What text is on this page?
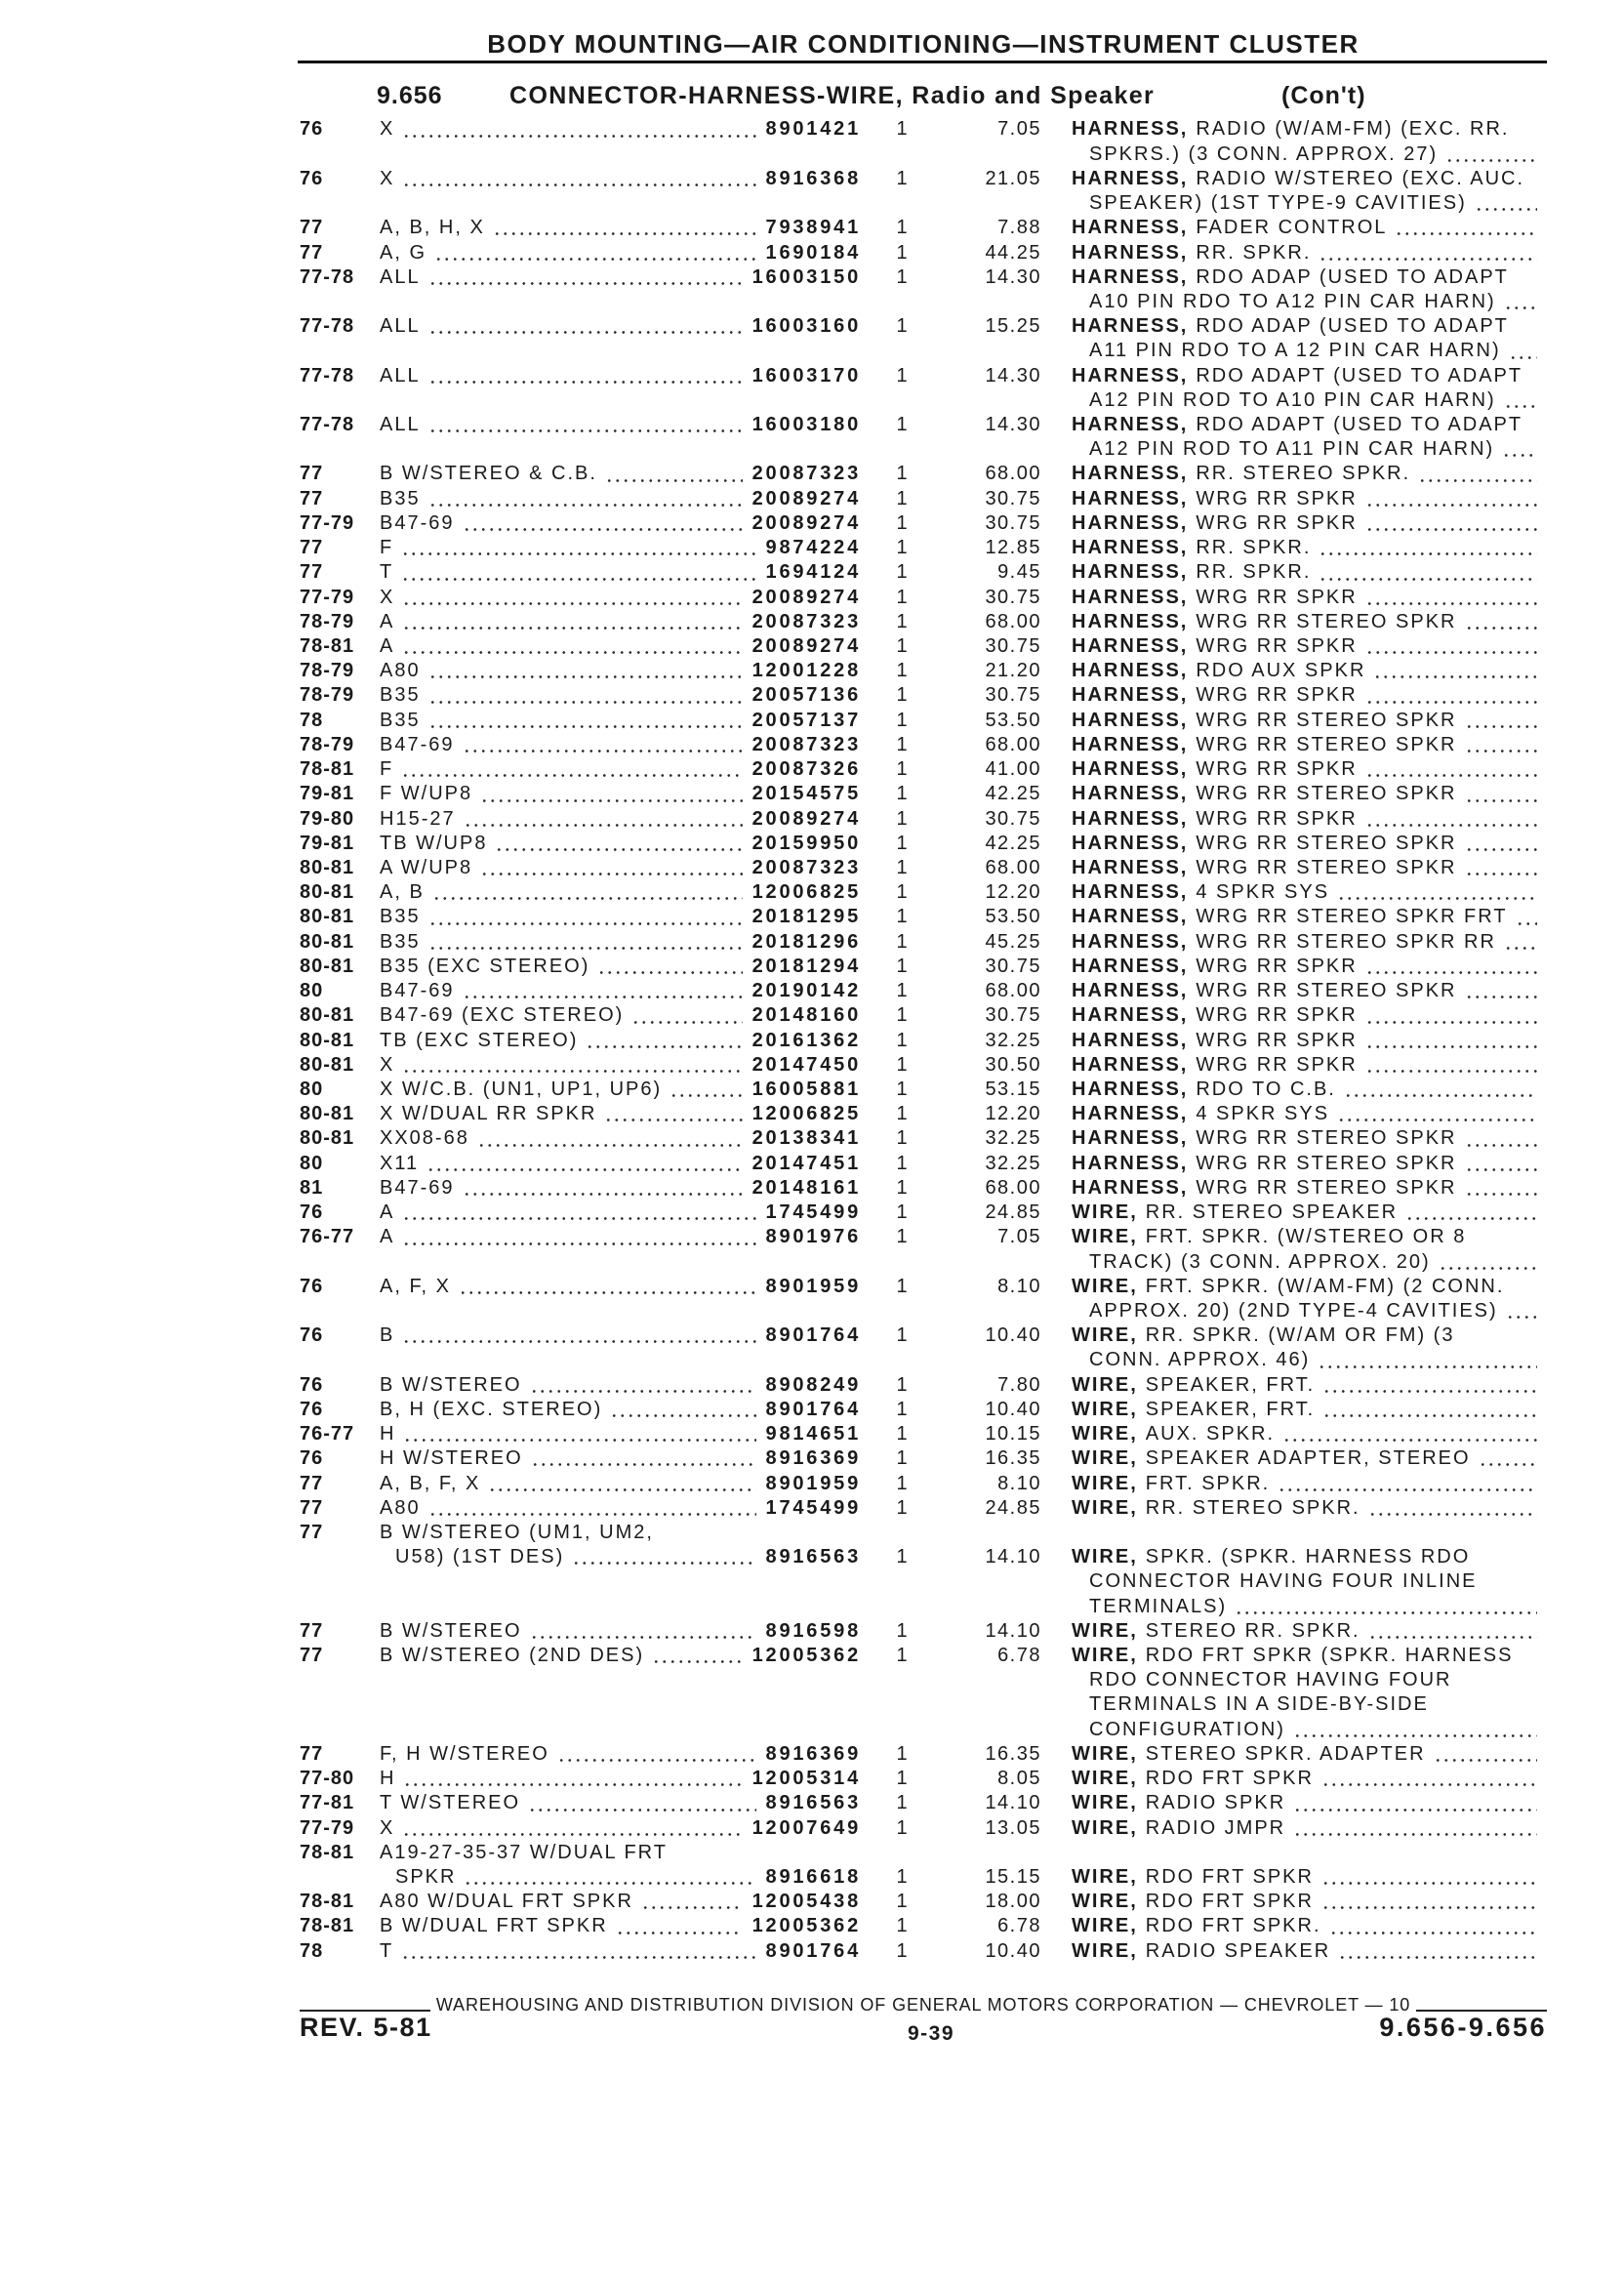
BODY MOUNTING—AIR CONDITIONING—INSTRUMENT CLUSTER
9.656	CONNECTOR-HARNESS-WIRE, Radio and Speaker	(Con't)
76	X	8901421	1	7.05 HARNESS, RADIO (W/AM-FM) (EXC. RR.
SPKRS.) (3 CONN. APPROX. 27)
76	X	8916368	1	21.05 HARNESS, RADIO W/STEREO (EXC. AUC.
SPEAKER) (1ST TYPE-9 CAVITIES)
77	A, B, H, X	7938941	1	7.88 HARNESS, FADER CONTROL
77	A, G	1690184	1	44.25 HARNESS, RR. SPKR.
77-78	ALL	16003150	1	14.30 HARNESS, RDO ADAP (USED TO ADAPT
A10 PIN RDO TO A12 PIN CAR HARN)
77-78	ALL	16003160	1	15.25 HARNESS, RDO ADAP (USED TO ADAPT
A11 PIN RDO TO A 12 PIN CAR HARN)
77-78	ALL	16003170	1	14.30 HARNESS, RDO ADAPT (USED TO ADAPT
A12 PIN ROD TO A10 PIN CAR HARN)
77-78	ALL	16003180	1	14.30 HARNESS, RDO ADAPT (USED TO ADAPT
A12 PIN ROD TO A11 PIN CAR HARN)
77	B W/STEREO & C.B.	20087323	1	68.00 HARNESS, RR. STEREO SPKR.
77	B35	20089274	1	30.75 HARNESS, WRG RR SPKR
77-79	B47-69	20089274	1	30.75 HARNESS, WRG RR SPKR
77	F	9874224	1	12.85 HARNESS, RR. SPKR.
77	T	1694124	1	9.45 HARNESS, RR. SPKR.
77-79	X	20089274	1	30.75 HARNESS, WRG RR SPKR
78-79	A	20087323	1	68.00 HARNESS, WRG RR STEREO SPKR
78-81	A	20089274	1	30.75 HARNESS, WRG RR SPKR
78-79	A80	12001228	1	21.20 HARNESS, RDO AUX SPKR
78-79	B35	20057136	1	30.75 HARNESS, WRG RR SPKR
78	B35	20057137	1	53.50 HARNESS, WRG RR STEREO SPKR
78-79	B47-69	20087323	1	68.00 HARNESS, WRG RR STEREO SPKR
78-81	F	20087326	1	41.00 HARNESS, WRG RR SPKR
79-81	F W/UP8	20154575	1	42.25 HARNESS, WRG RR STEREO SPKR
79-80	H15-27	20089274	1	30.75 HARNESS, WRG RR SPKR
79-81	TB W/UP8	20159950	1	42.25 HARNESS, WRG RR STEREO SPKR
80-81	A W/UP8	20087323	1	68.00 HARNESS, WRG RR STEREO SPKR
80-81	A, B	12006825	1	12.20 HARNESS, 4 SPKR SYS
80-81	B35	20181295	1	53.50 HARNESS, WRG RR STEREO SPKR FRT
80-81	B35	20181296	1	45.25 HARNESS, WRG RR STEREO SPKR RR
80-81	B35 (EXC STEREO)	20181294	1	30.75 HARNESS, WRG RR SPKR
80	B47-69	20190142	1	68.00 HARNESS, WRG RR STEREO SPKR
80-81	B47-69 (EXC STEREO)	20148160	1	30.75 HARNESS, WRG RR SPKR
80-81	TB (EXC STEREO)	20161362	1	32.25 HARNESS, WRG RR SPKR
80-81	X	20147450	1	30.50 HARNESS, WRG RR SPKR
80	X W/C.B. (UN1, UP1, UP6)	16005881	1	53.15 HARNESS, RDO TO C.B.
80-81	X W/DUAL RR SPKR	12006825	1	12.20 HARNESS, 4 SPKR SYS
80-81	XX08-68	20138341	1	32.25 HARNESS, WRG RR STEREO SPKR
80	X11	20147451	1	32.25 HARNESS, WRG RR STEREO SPKR
81	B47-69	20148161	1	68.00 HARNESS, WRG RR STEREO SPKR
76	A	1745499	1	24.85 WIRE, RR. STEREO SPEAKER
76-77	A	8901976	1	7.05 WIRE, FRT. SPKR. (W/STEREO OR 8
TRACK) (3 CONN. APPROX. 20)
76	A, F, X	8901959	1	8.10 WIRE, FRT. SPKR. (W/AM-FM) (2 CONN.
APPROX. 20) (2ND TYPE-4 CAVITIES)
76	B	8901764	1	10.40 WIRE, RR. SPKR. (W/AM OR FM) (3
CONN. APPROX. 46)
76	B W/STEREO	8908249	1	7.80 WIRE, SPEAKER, FRT.
76	B, H (EXC. STEREO)	8901764	1	10.40 WIRE, SPEAKER, FRT.
76-77	H	9814651	1	10.15 WIRE, AUX. SPKR.
76	H W/STEREO	8916369	1	16.35 WIRE, SPEAKER ADAPTER, STEREO
77	A, B, F, X	8901959	1	8.10 WIRE, FRT. SPKR.
77	A80	1745499	1	24.85 WIRE, RR. STEREO SPKR.
77	B W/STEREO (UM1, UM2,
U58) (1ST DES)	8916563	1	14.10 WIRE, SPKR. (SPKR. HARNESS RDO
CONNECTOR HAVING FOUR INLINE
TERMINALS)
77	B W/STEREO	8916598	1	14.10 WIRE, STEREO RR. SPKR.
77	B W/STEREO (2ND DES)	12005362	1	6.78 WIRE, RDO FRT SPKR (SPKR. HARNESS
RDO CONNECTOR HAVING FOUR
TERMINALS IN A SIDE-BY-SIDE
CONFIGURATION)
77	F, H W/STEREO	8916369	1	16.35 WIRE, STEREO SPKR. ADAPTER
77-80	H	12005314	1	8.05 WIRE, RDO FRT SPKR
77-81	T W/STEREO	8916563	1	14.10 WIRE, RADIO SPKR
77-79	X	12007649	1	13.05 WIRE, RADIO JMPR
78-81	A19-27-35-37 W/DUAL FRT
SPKR	8916618	1	15.15 WIRE, RDO FRT SPKR
78-81	A80 W/DUAL FRT SPKR	12005438	1	18.00 WIRE, RDO FRT SPKR
78-81	B W/DUAL FRT SPKR	12005362	1	6.78 WIRE, RDO FRT SPKR.
78	T	8901764	1	10.40 WIRE, RADIO SPEAKER
WAREHOUSING AND DISTRIBUTION DIVISION OF GENERAL MOTORS CORPORATION — CHEVROLET — 10
REV. 5-81	9-39	9.656-9.656
